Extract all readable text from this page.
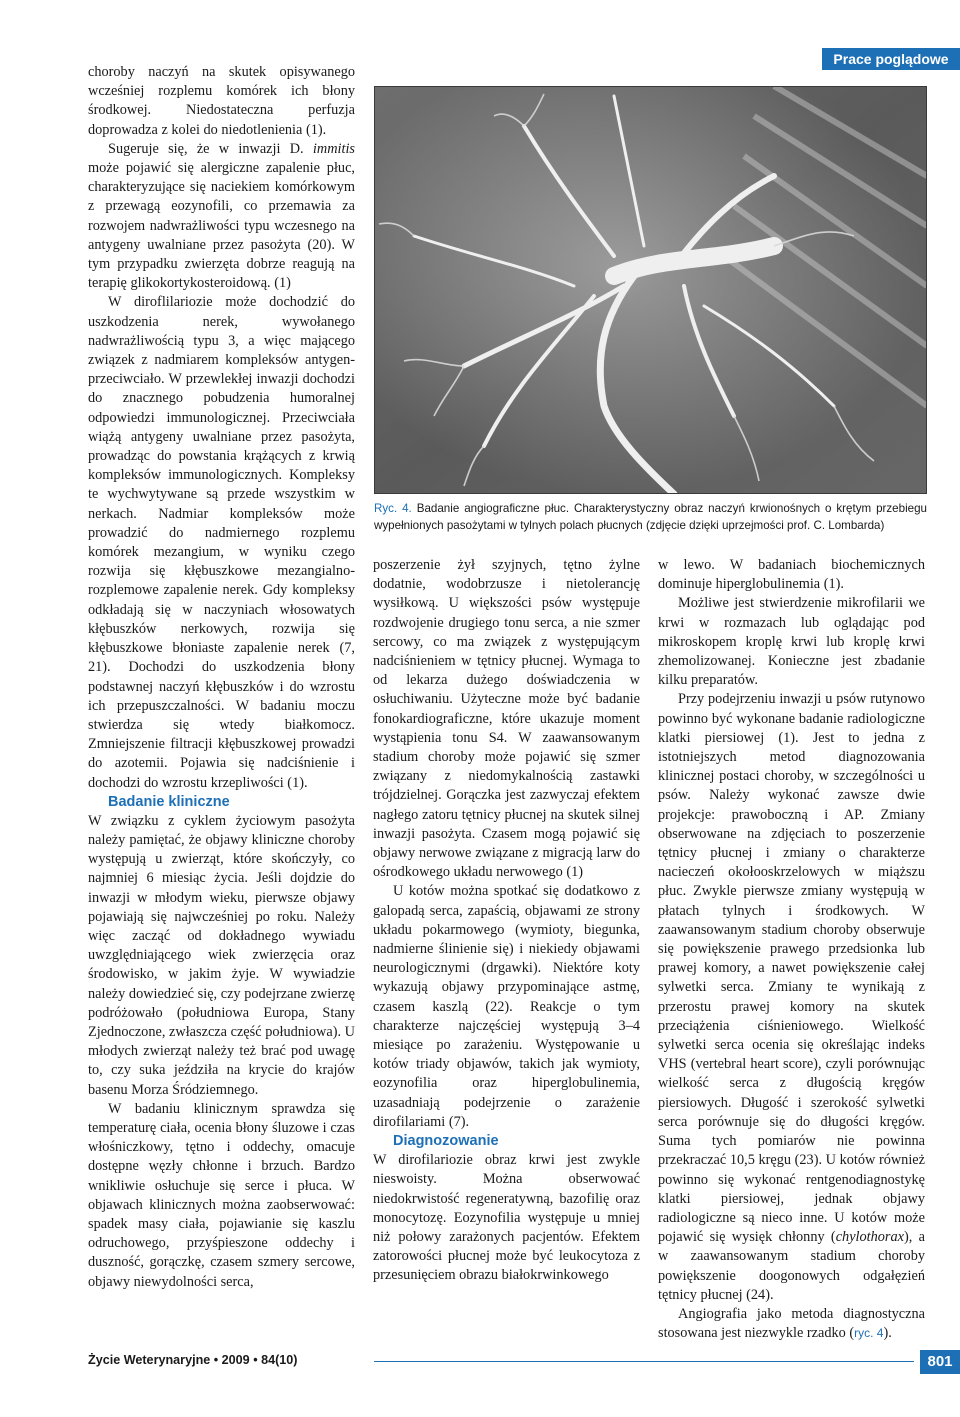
Prace poglądowe

choroby naczyń na skutek opisywanego wcześniej rozplemu komórek ich błony środkowej. Niedostateczna perfuzja doprowadza z kolei do niedotlenienia (1).

Sugeruje się, że w inwazji D. immitis może pojawić się alergiczne zapalenie płuc, charakteryzujące się naciekiem komórkowym z przewagą eozynofili, co przemawia za rozwojem nadwrażliwości typu wczesnego na antygeny uwalniane przez pasożyta (20). W tym przypadku zwierzęta dobrze reagują na terapię glikokortykosteroidową. (1)

W diroflilariozie może dochodzić do uszkodzenia nerek, wywołanego nadwrażliwością typu 3, a więc mającego związek z nadmiarem kompleksów antygen-przeciwciało. W przewlekłej inwazji dochodzi do znacznego pobudzenia humoralnej odpowiedzi immunologicznej. Przeciwciała wiążą antygeny uwalniane przez pasożyta, prowadząc do powstania krążących z krwią kompleksów immunologicznych. Kompleksy te wychwytywane są przede wszystkim w nerkach. Nadmiar kompleksów może prowadzić do nadmiernego rozplemu komórek mezangium, w wyniku czego rozwija się kłębuszkowe mezangialno-rozplemowe zapalenie nerek. Gdy kompleksy odkładają się w naczyniach włosowatych kłębuszków nerkowych, rozwija się kłębuszkowe błoniaste zapalenie nerek (7, 21). Dochodzi do uszkodzenia błony podstawnej naczyń kłębuszków i do wzrostu ich przepuszczalności. W badaniu moczu stwierdza się wtedy białkomocz. Zmniejszenie filtracji kłębuszkowej prowadzi do azotemii. Pojawia się nadciśnienie i dochodzi do wzrostu krzepliwości (1).

Badanie kliniczne

W związku z cyklem życiowym pasożyta należy pamiętać, że objawy kliniczne choroby występują u zwierząt, które skończyły, co najmniej 6 miesiąc życia. Jeśli dojdzie do inwazji w młodym wieku, pierwsze objawy pojawiają się najwcześniej po roku. Należy więc zacząć od dokładnego wywiadu uwzględniającego wiek zwierzęcia oraz środowisko, w jakim żyje. W wywiadzie należy dowiedzieć się, czy podejrzane zwierzę podróżowało (południowa Europa, Stany Zjednoczone, zwłaszcza część południowa). U młodych zwierząt należy też brać pod uwagę to, czy suka jeździła na krycie do krajów basenu Morza Śródziemnego.

W badaniu klinicznym sprawdza się temperaturę ciała, ocenia błony śluzowe i czas włośniczkowy, tętno i oddechy, omacuje dostępne węzły chłonne i brzuch. Bardzo wnikliwie osłuchuje się serce i płuca. W objawach klinicznych można zaobserwować: spadek masy ciała, pojawianie się kaszlu odruchowego, przyśpieszone oddechy i duszność, gorączkę, czasem szmery sercowe, objawy niewydolności serca,

Ryc. 4. Badanie angiograficzne płuc. Charakterystyczny obraz naczyń krwionośnych o krętym przebiegu wypełnionych pasożytami w tylnych polach płucnych (zdjęcie dzięki uprzejmości prof. C. Lombarda)

poszerzenie żył szyjnych, tętno żylne dodatnie, wodobrzusze i nietolerancję wysiłkową. U większości psów występuje rozdwojenie drugiego tonu serca, a nie szmer sercowy, co ma związek z występującym nadciśnieniem w tętnicy płucnej. Wymaga to od lekarza dużego doświadczenia w osłuchiwaniu. Użyteczne może być badanie fonokardiograficzne, które ukazuje moment wystąpienia tonu S4. W zaawansowanym stadium choroby może pojawić się szmer związany z niedomykalnością zastawki trójdzielnej. Gorączka jest zazwyczaj efektem nagłego zatoru tętnicy płucnej na skutek silnej inwazji pasożyta. Czasem mogą pojawić się objawy nerwowe związane z migracją larw do ośrodkowego układu nerwowego (1)

U kotów można spotkać się dodatkowo z galopadą serca, zapaścią, objawami ze strony układu pokarmowego (wymioty, biegunka, nadmierne ślinienie się) i niekiedy objawami neurologicznymi (drgawki). Niektóre koty wykazują objawy przypominające astmę, czasem kaszlą (22). Reakcje o tym charakterze najczęściej występują 3–4 miesiące po zarażeniu. Występowanie u kotów triady objawów, takich jak wymioty, eozynofilia oraz hiperglobulinemia, uzasadniają podejrzenie o zarażenie dirofilariami (7).

Diagnozowanie

W dirofilariozie obraz krwi jest zwykle nieswoisty. Można obserwować niedokrwistość regeneratywną, bazofilię oraz monocytozę. Eozynofilia występuje u mniej niż połowy zarażonych pacjentów. Efektem zatorowości płucnej może być leukocytoza z przesunięciem obrazu białokrwinkowego

w lewo. W badaniach biochemicznych dominuje hiperglobulinemia (1).

Możliwe jest stwierdzenie mikrofilarii we krwi w rozmazach lub oglądając pod mikroskopem kroplę krwi lub kroplę krwi zhemolizowanej. Konieczne jest zbadanie kilku preparatów.

Przy podejrzeniu inwazji u psów rutynowo powinno być wykonane badanie radiologiczne klatki piersiowej (1). Jest to jedna z istotniejszych metod diagnozowania klinicznej postaci choroby, w szczególności u psów. Należy wykonać zawsze dwie projekcje: prawoboczną i AP. Zmiany obserwowane na zdjęciach to poszerzenie tętnicy płucnej i zmiany o charakterze nacieczeń okołooskrzelowych w miąższu płuc. Zwykle pierwsze zmiany występują w płatach tylnych i środkowych. W zaawansowanym stadium choroby obserwuje się powiększenie prawego przedsionka lub prawej komory, a nawet powiększenie całej sylwetki serca. Zmiany te wynikają z przerostu prawej komory na skutek przeciążenia ciśnieniowego. Wielkość sylwetki serca ocenia się określając indeks VHS (vertebral heart score), czyli porównując wielkość serca z długością kręgów piersiowych. Długość i szerokość sylwetki serca porównuje się do długości kręgów. Suma tych pomiarów nie powinna przekraczać 10,5 kręgu (23). U kotów również powinno się wykonać rentgenodiagnostykę klatki piersiowej, jednak objawy radiologiczne są nieco inne. U kotów może pojawić się wysięk chłonny (chylothorax), a w zaawansowanym stadium choroby powiększenie doogonowych odgałęzień tętnicy płucnej (24).

Angiografia jako metoda diagnostyczna stosowana jest niezwykle rzadko (ryc. 4).

Życie Weterynaryjne • 2009 • 84(10)	801
